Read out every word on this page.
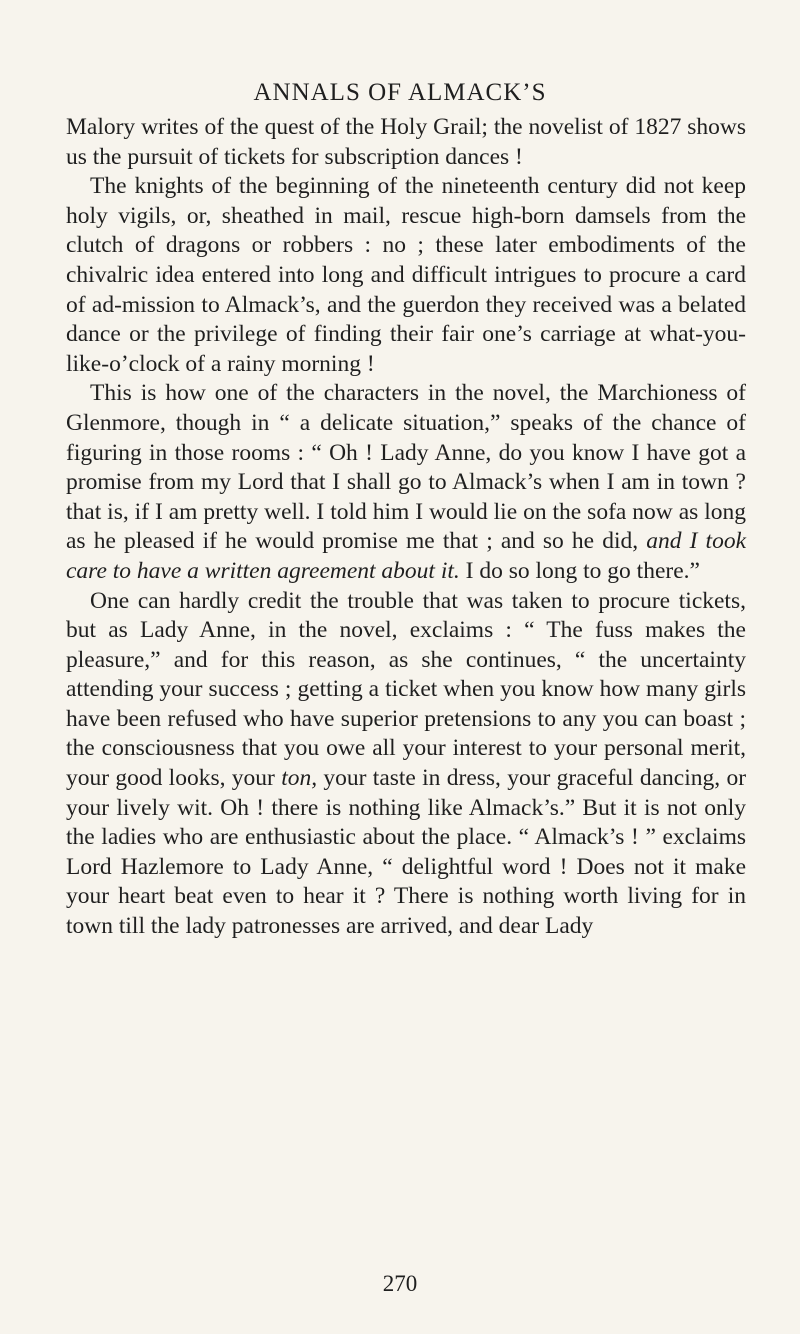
ANNALS OF ALMACK’S

Malory writes of the quest of the Holy Grail; the novelist of 1827 shows us the pursuit of tickets for subscription dances !

The knights of the beginning of the nineteenth century did not keep holy vigils, or, sheathed in mail, rescue high-born damsels from the clutch of dragons or robbers : no ; these later embodiments of the chivalric idea entered into long and difficult intrigues to procure a card of ad-mission to Almack’s, and the guerdon they received was a belated dance or the privilege of finding their fair one’s carriage at what-you-like-o’clock of a rainy morning !

This is how one of the characters in the novel, the Marchioness of Glenmore, though in “ a delicate situation,” speaks of the chance of figuring in those rooms : “ Oh ! Lady Anne, do you know I have got a promise from my Lord that I shall go to Almack’s when I am in town ? that is, if I am pretty well. I told him I would lie on the sofa now as long as he pleased if he would promise me that ; and so he did, and I took care to have a written agreement about it. I do so long to go there.”

One can hardly credit the trouble that was taken to procure tickets, but as Lady Anne, in the novel, exclaims : “ The fuss makes the pleasure,” and for this reason, as she continues, “ the uncertainty attending your success ; getting a ticket when you know how many girls have been refused who have superior pretensions to any you can boast ; the consciousness that you owe all your interest to your personal merit, your good looks, your ton, your taste in dress, your graceful dancing, or your lively wit. Oh ! there is nothing like Almack’s.” But it is not only the ladies who are enthusiastic about the place. “ Almack’s ! ” exclaims Lord Hazlemore to Lady Anne, “ delightful word ! Does not it make your heart beat even to hear it ? There is nothing worth living for in town till the lady patronesses are arrived, and dear Lady

270
